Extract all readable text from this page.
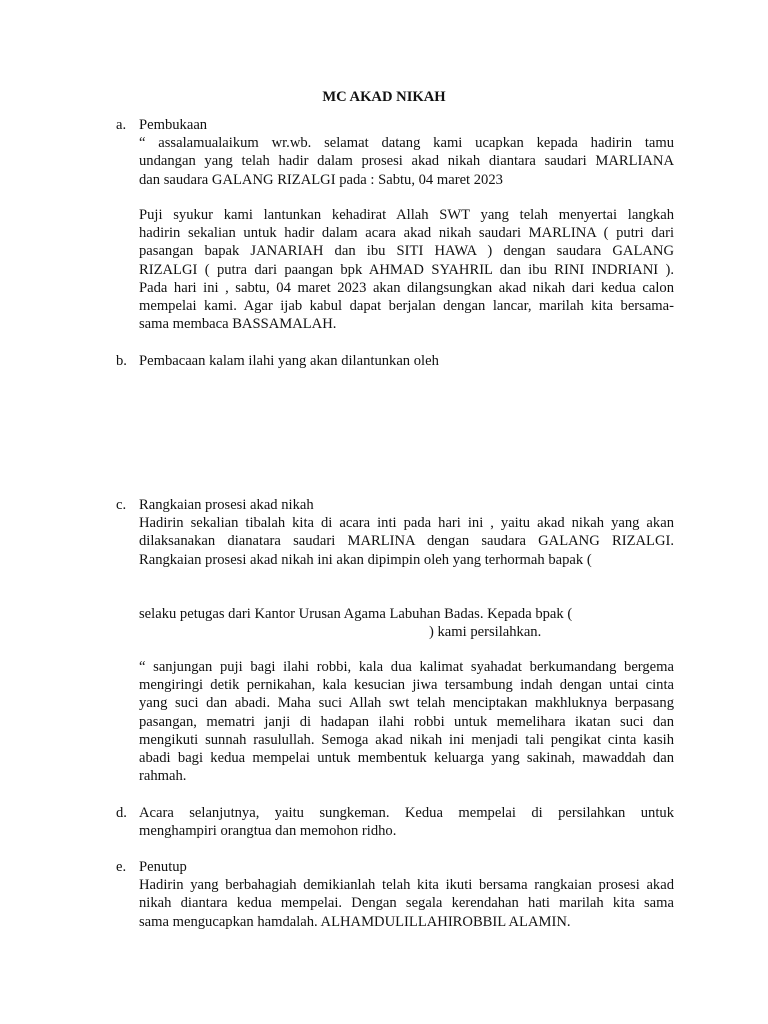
MC AKAD NIKAH
a. Pembukaan
“ assalamualaikum wr.wb. selamat datang kami ucapkan kepada hadirin tamu
undangan yang telah hadir dalam prosesi akad nikah diantara saudari MARLIANA
dan saudara GALANG RIZALGI pada : Sabtu, 04 maret 2023
Puji syukur kami lantunkan kehadirat Allah SWT yang telah menyertai langkah
hadirin sekalian untuk hadir dalam acara akad nikah saudari MARLINA ( putri dari
pasangan bapak JANARIAH dan ibu SITI HAWA ) dengan saudara GALANG
RIZALGI ( putra dari paangan bpk AHMAD SYAHRIL dan ibu RINI INDRIANI ).
Pada hari ini , sabtu, 04 maret 2023 akan dilangsungkan akad nikah dari kedua calon
mempelai kami. Agar ijab kabul dapat berjalan dengan lancar, marilah kita bersama-
sama membaca BASSAMALAH.
b. Pembacaan kalam ilahi yang akan dilantunkan oleh
c. Rangkaian prosesi akad nikah
Hadirin sekalian tibalah kita di acara inti pada hari ini , yaitu akad nikah yang akan
dilaksanakan dianatara saudari MARLINA dengan saudara GALANG RIZALGI.
Rangkaian prosesi akad nikah ini akan dipimpin oleh yang terhormah bapak (
selaku petugas dari Kantor Urusan Agama Labuhan Badas. Kepada bpak (
) kami persilahkan.
“ sanjungan puji bagi ilahi robbi, kala dua kalimat syahadat berkumandang bergema
mengiringi detik pernikahan, kala kesucian jiwa tersambung indah dengan untai cinta
yang suci dan abadi. Maha suci Allah swt telah menciptakan makhluknya berpasang
pasangan, mematri janji di hadapan ilahi robbi untuk memelihara ikatan suci dan
mengikuti sunnah rasulullah. Semoga akad nikah ini menjadi tali pengikat cinta kasih
abadi bagi kedua mempelai untuk membentuk keluarga yang sakinah, mawaddah dan
rahmah.
d. Acara selanjutnya, yaitu sungkeman. Kedua mempelai di persilahkan untuk
menghampiri orangtua dan memohon ridho.
e. Penutup
Hadirin yang berbahagiah demikianlah telah kita ikuti bersama rangkaian prosesi akad
nikah diantara kedua mempelai. Dengan segala kerendahan hati marilah kita sama
sama mengucapkan hamdalah. ALHAMDULILLAHIROBBIL ALAMIN.
